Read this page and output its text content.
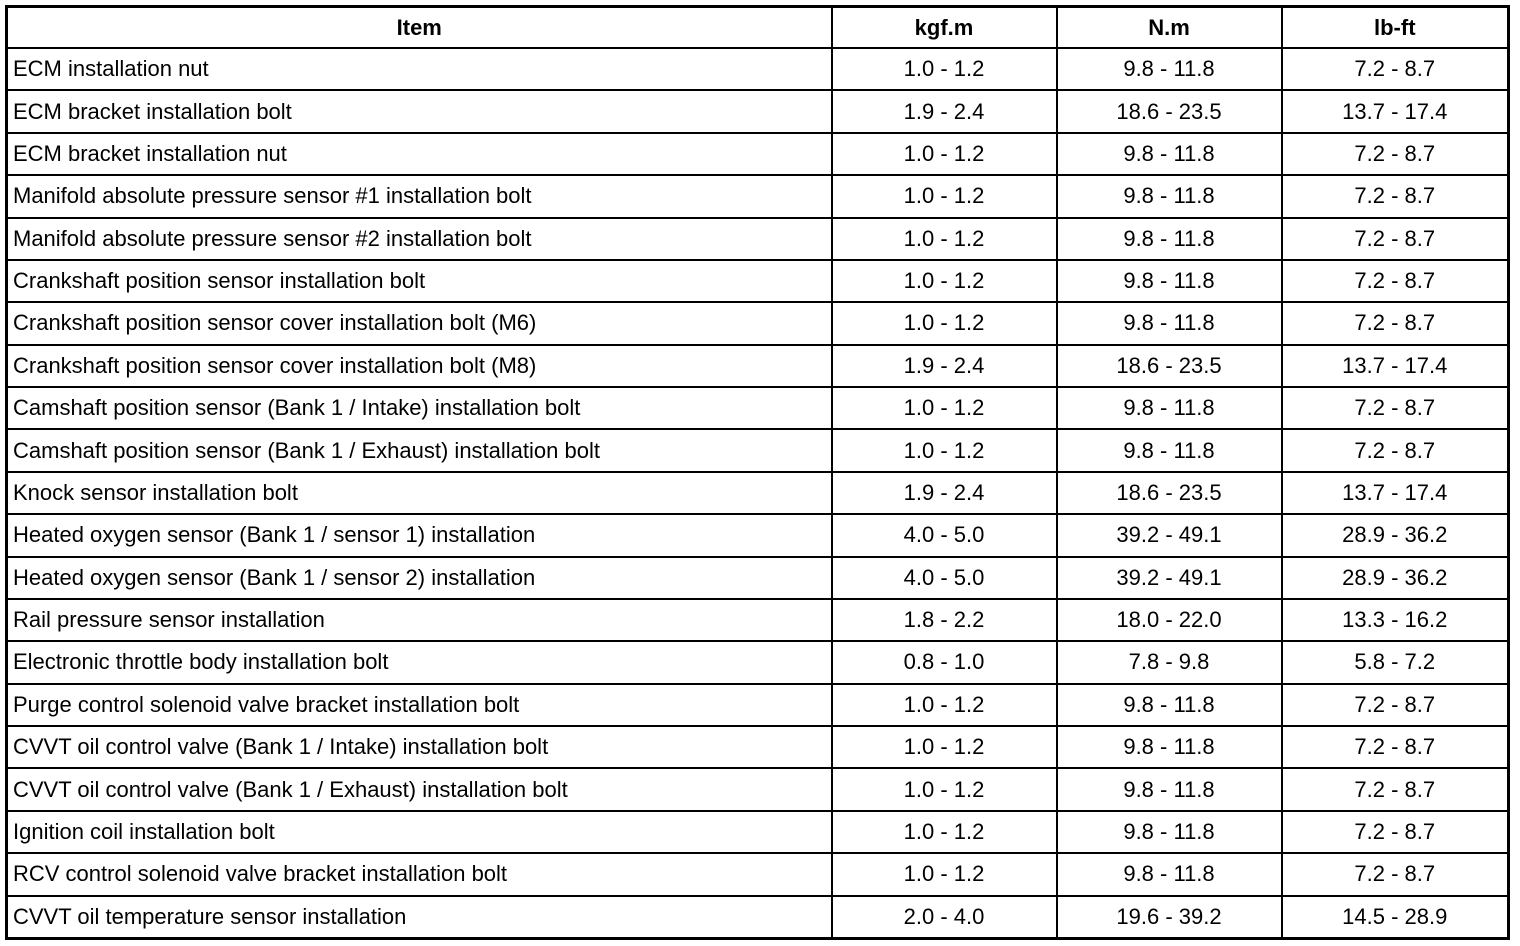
Item	kgf.m	N.m	lb-ft
ECM installation nut	1.0 - 1.2	9.8 - 11.8	7.2 - 8.7
ECM bracket installation bolt	1.9 - 2.4	18.6 - 23.5	13.7 - 17.4
ECM bracket installation nut	1.0 - 1.2	9.8 - 11.8	7.2 - 8.7
Manifold absolute pressure sensor #1 installation bolt	1.0 - 1.2	9.8 - 11.8	7.2 - 8.7
Manifold absolute pressure sensor #2 installation bolt	1.0 - 1.2	9.8 - 11.8	7.2 - 8.7
Crankshaft position sensor installation bolt	1.0 - 1.2	9.8 - 11.8	7.2 - 8.7
Crankshaft position sensor cover installation bolt (M6)	1.0 - 1.2	9.8 - 11.8	7.2 - 8.7
Crankshaft position sensor cover installation bolt (M8)	1.9 - 2.4	18.6 - 23.5	13.7 - 17.4
Camshaft position sensor (Bank 1 / Intake) installation bolt	1.0 - 1.2	9.8 - 11.8	7.2 - 8.7
Camshaft position sensor (Bank 1 / Exhaust) installation bolt	1.0 - 1.2	9.8 - 11.8	7.2 - 8.7
Knock sensor installation bolt	1.9 - 2.4	18.6 - 23.5	13.7 - 17.4
Heated oxygen sensor (Bank 1 / sensor 1) installation	4.0 - 5.0	39.2 - 49.1	28.9 - 36.2
Heated oxygen sensor (Bank 1 / sensor 2) installation	4.0 - 5.0	39.2 - 49.1	28.9 - 36.2
Rail pressure sensor installation	1.8 - 2.2	18.0 - 22.0	13.3 - 16.2
Electronic throttle body installation bolt	0.8 - 1.0	7.8 - 9.8	5.8 - 7.2
Purge control solenoid valve bracket installation bolt	1.0 - 1.2	9.8 - 11.8	7.2 - 8.7
CVVT oil control valve (Bank 1 / Intake) installation bolt	1.0 - 1.2	9.8 - 11.8	7.2 - 8.7
CVVT oil control valve (Bank 1 / Exhaust) installation bolt	1.0 - 1.2	9.8 - 11.8	7.2 - 8.7
Ignition coil installation bolt	1.0 - 1.2	9.8 - 11.8	7.2 - 8.7
RCV control solenoid valve bracket installation bolt	1.0 - 1.2	9.8 - 11.8	7.2 - 8.7
CVVT oil temperature sensor installation	2.0 - 4.0	19.6 - 39.2	14.5 - 28.9
